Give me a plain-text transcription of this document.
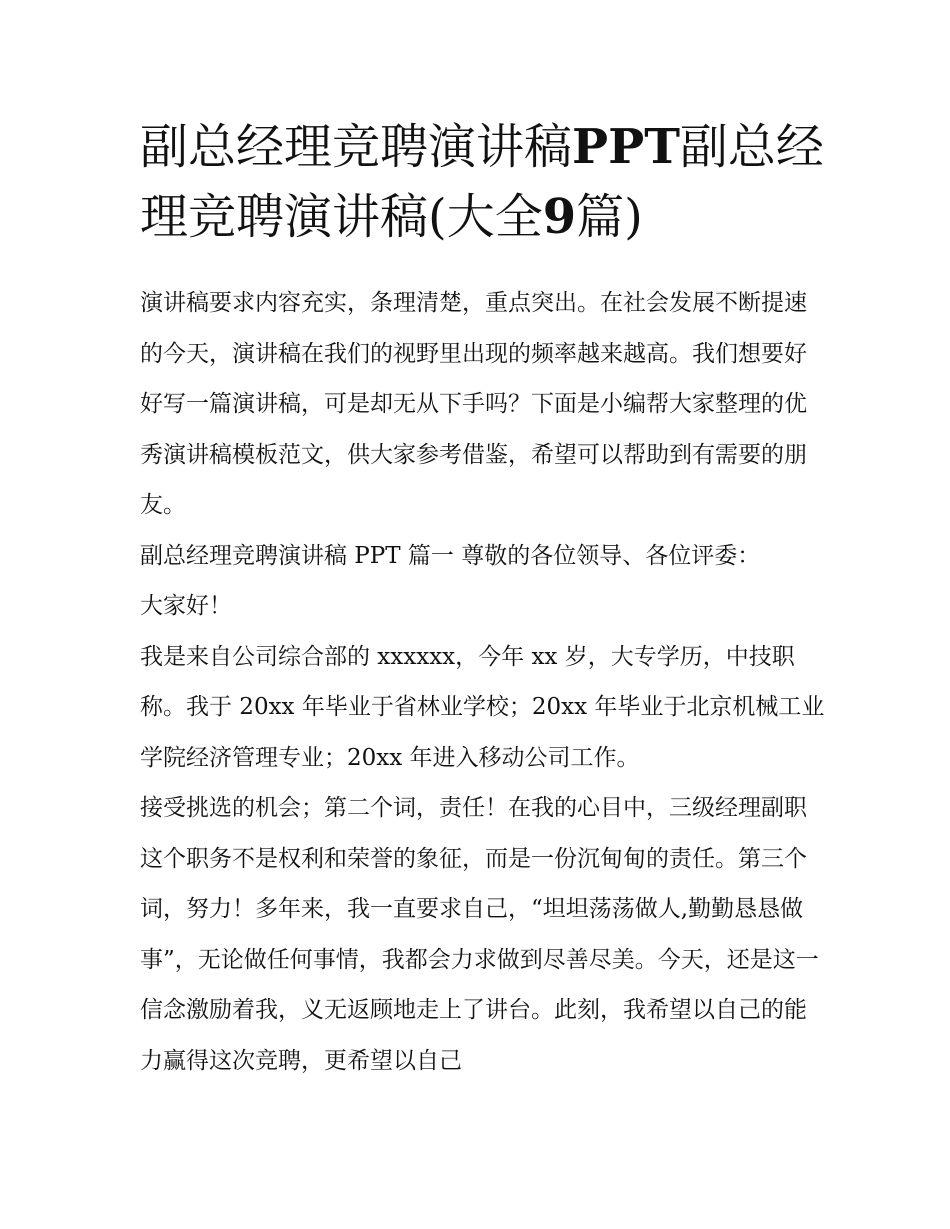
副总经理竞聘演讲稿PPT副总经理竞聘演讲稿(大全9篇)

演讲稿要求内容充实，条理清楚，重点突出。在社会发展不断提速的今天，演讲稿在我们的视野里出现的频率越来越高。我们想要好好写一篇演讲稿，可是却无从下手吗？下面是小编帮大家整理的优秀演讲稿模板范文，供大家参考借鉴，希望可以帮助到有需要的朋友。

副总经理竞聘演讲稿 PPT 篇一 尊敬的各位领导、各位评委：

大家好！

我是来自公司综合部的 xxxxxx，今年 xx 岁，大专学历，中技职称。我于 20xx 年毕业于省林业学校；20xx 年毕业于北京机械工业学院经济管理专业；20xx 年进入移动公司工作。

接受挑选的机会；第二个词，责任！在我的心目中，三级经理副职这个职务不是权利和荣誉的象征，而是一份沉甸甸的责任。第三个词，努力！多年来，我一直要求自己，“坦坦荡荡做人,勤勤恳恳做事”，无论做任何事情，我都会力求做到尽善尽美。今天，还是这一信念激励着我，义无返顾地走上了讲台。此刻，我希望以自己的能力赢得这次竞聘，更希望以自己
